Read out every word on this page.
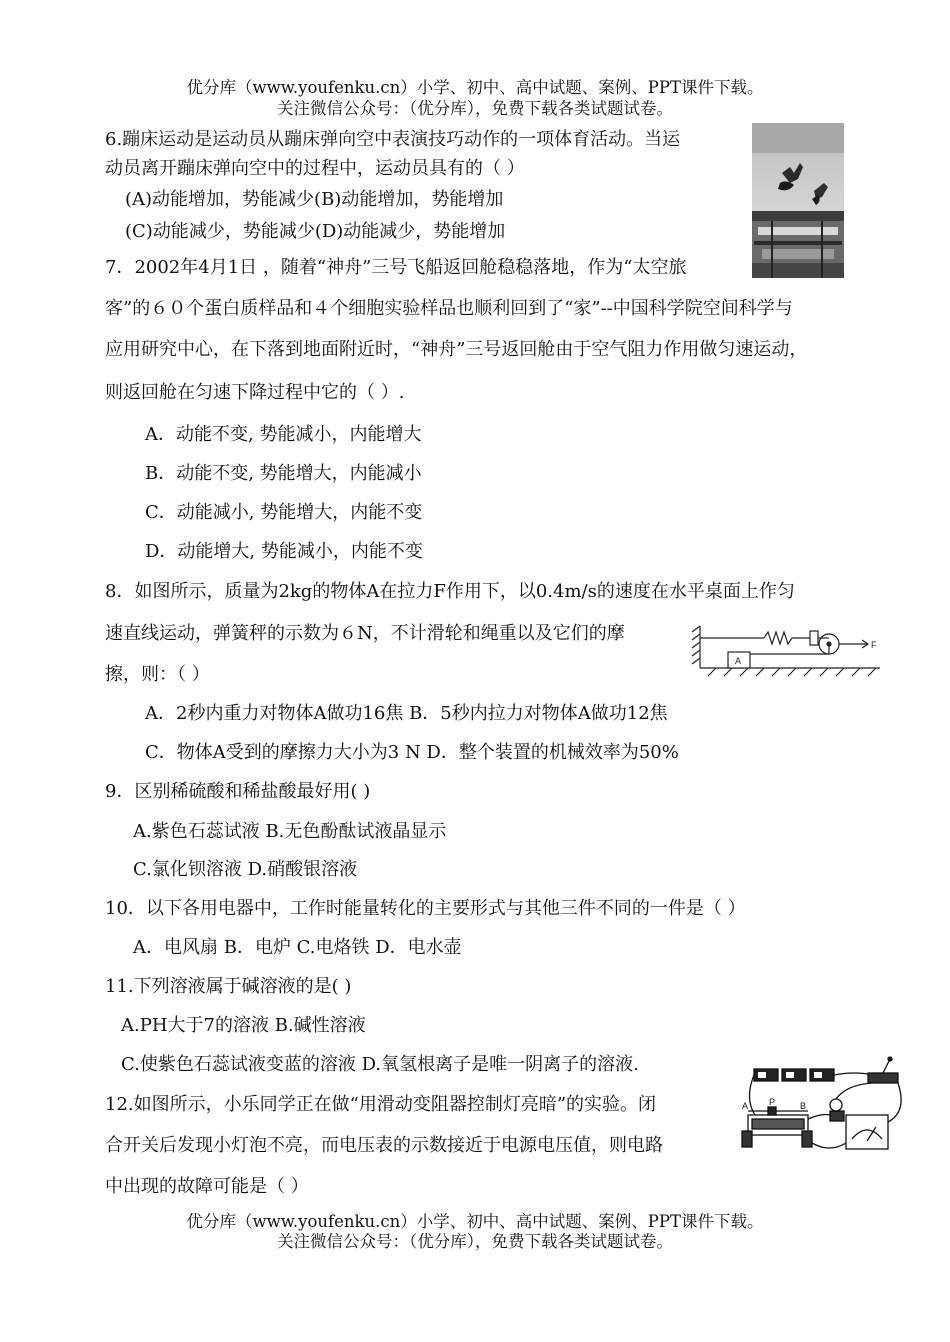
优分库（www.youfenku.cn）小学、初中、高中试题、案例、PPT课件下载。
关注微信公众号：（优分库），免费下载各类试题试卷。
6.蹦床运动是运动员从蹦床弹向空中表演技巧动作的一项体育活动。当运
动员离开蹦床弹向空中的过程中，运动员具有的（ ）
(A)动能增加，势能减少(B)动能增加，势能增加
(C)动能减少，势能减少(D)动能减少，势能增加
7．2002年4月1日 ，随着“神舟”三号飞船返回舱稳稳落地，作为“太空旅
客”的６０个蛋白质样品和４个细胞实验样品也顺利回到了“家”--中国科学院空间科学与
应用研究中心，在下落到地面附近时，“神舟”三号返回舱由于空气阻力作用做匀速运动，
则返回舱在匀速下降过程中它的（ ）.
A．动能不变, 势能减小，内能增大
B．动能不变, 势能增大，内能减小
C．动能减小, 势能增大，内能不变
D．动能增大, 势能减小，内能不变
8．如图所示，质量为2kg的物体A在拉力F作用下，以0.4m/s的速度在水平桌面上作匀
速直线运动，弹簧秤的示数为６N，不计滑轮和绳重以及它们的摩
擦，则：（ ）
A
F
A．2秒内重力对物体A做功16焦 B．5秒内拉力对物体A做功12焦
C．物体A受到的摩擦力大小为3 N D．整个装置的机械效率为50%
9．区别稀硫酸和稀盐酸最好用( )
A.紫色石蕊试液 B.无色酚酞试液晶显示
C.氯化钡溶液 D.硝酸银溶液
10．以下各用电器中，工作时能量转化的主要形式与其他三件不同的一件是（ ）
A．电风扇 B．电炉 C.电烙铁 D．电水壶
11.下列溶液属于碱溶液的是( )
A.PH大于7的溶液 B.碱性溶液
C.使紫色石蕊试液变蓝的溶液 D.氧氢根离子是唯一阴离子的溶液.
12.如图所示，小乐同学正在做“用滑动变阻器控制灯亮暗”的实验。闭
合开关后发现小灯泡不亮，而电压表的示数接近于电源电压值，则电路
中出现的故障可能是（ ）
A P	B
优分库（www.youfenku.cn）小学、初中、高中试题、案例、PPT课件下载。
关注微信公众号：（优分库），免费下载各类试题试卷。
